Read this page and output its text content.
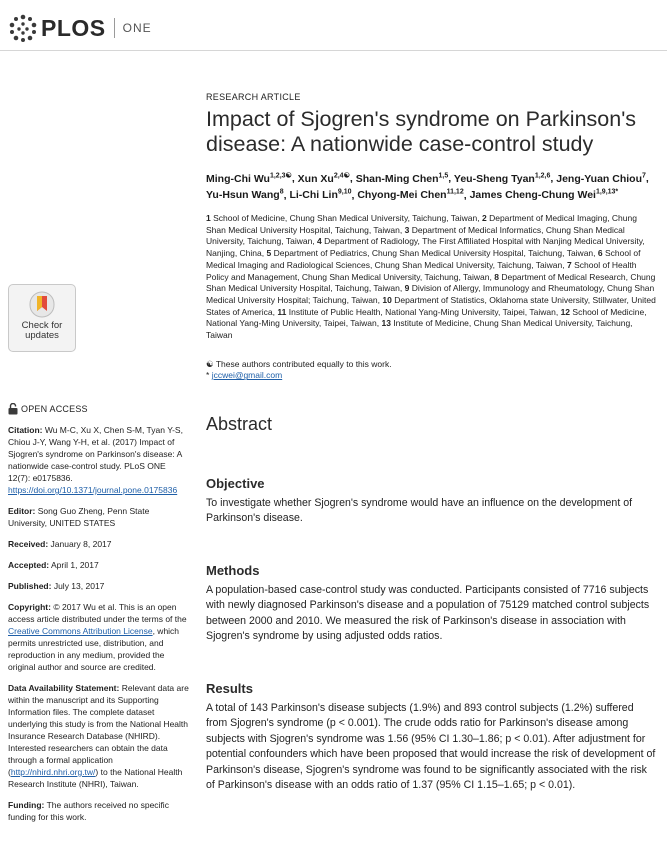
PLOS ONE
Check for updates
OPEN ACCESS
Citation: Wu M-C, Xu X, Chen S-M, Tyan Y-S, Chiou J-Y, Wang Y-H, et al. (2017) Impact of Sjogren's syndrome on Parkinson's disease: A nationwide case-control study. PLoS ONE 12(7): e0175836. https://doi.org/10.1371/journal.pone.0175836
Editor: Song Guo Zheng, Penn State University, UNITED STATES
Received: January 8, 2017
Accepted: April 1, 2017
Published: July 13, 2017
Copyright: © 2017 Wu et al. This is an open access article distributed under the terms of the Creative Commons Attribution License, which permits unrestricted use, distribution, and reproduction in any medium, provided the original author and source are credited.
Data Availability Statement: Relevant data are within the manuscript and its Supporting Information files. The complete dataset underlying this study is from the National Health Insurance Research Database (NHIRD). Interested researchers can obtain the data through a formal application (http://nhird.nhri.org.tw/) to the National Health Research Institute (NHRI), Taiwan.
Funding: The authors received no specific funding for this work.
RESEARCH ARTICLE
Impact of Sjogren's syndrome on Parkinson's disease: A nationwide case-control study
Ming-Chi $Wu^{1,2,3☯}$, Xun $Xu^{2,4☯}$, Shan-Ming Chen$^{1,5}$, Yeu-Sheng Tyan$^{1,2,6}$, Jeng-Yuan Chiou$^7$, Yu-Hsun Wang$^8$, Li-Chi Lin$^{9,10}$, Chyong-Mei Chen$^{11,12}$, James Cheng-Chung Wei$^{1,9,13*}$
1 School of Medicine, Chung Shan Medical University, Taichung, Taiwan, 2 Department of Medical Imaging, Chung Shan Medical University Hospital, Taichung, Taiwan, 3 Department of Medical Informatics, Chung Shan Medical University, Taichung, Taiwan, 4 Department of Radiology, The First Affiliated Hospital with Nanjing Medical University, Nanjing, China, 5 Department of Pediatrics, Chung Shan Medical University Hospital, Taichung, Taiwan, 6 School of Medical Imaging and Radiological Sciences, Chung Shan Medical University, Taichung, Taiwan, 7 School of Health Policy and Management, Chung Shan Medical University, Taichung, Taiwan, 8 Department of Medical Research, Chung Shan Medical University Hospital, Taichung, Taiwan, 9 Division of Allergy, Immunology and Rheumatology, Chung Shan Medical University Hospital; Taichung, Taiwan, 10 Department of Statistics, Oklahoma state University, Stillwater, United States of America, 11 Institute of Public Health, National Yang-Ming University, Taipei, Taiwan, 12 School of Medicine, National Yang-Ming University, Taipei, Taiwan, 13 Institute of Medicine, Chung Shan Medical University, Taichung, Taiwan
☯ These authors contributed equally to this work.
* jccwei@gmail.com
Abstract
Objective
To investigate whether Sjogren's syndrome would have an influence on the development of Parkinson's disease.
Methods
A population-based case-control study was conducted. Participants consisted of 7716 subjects with newly diagnosed Parkinson's disease and a population of 75129 matched control subjects between 2000 and 2010. We measured the risk of Parkinson's disease in association with Sjogren's syndrome by using adjusted odds ratios.
Results
A total of 143 Parkinson's disease subjects (1.9%) and 893 control subjects (1.2%) suffered from Sjogren's syndrome (p < 0.001). The crude odds ratio for Parkinson's disease among subjects with Sjogren's syndrome was 1.56 (95% CI 1.30–1.86; p < 0.01). After adjustment for potential confounders which have been proposed that would increase the risk of development of Parkinson's disease, Sjogren's syndrome was found to be significantly associated with the risk of Parkinson's disease with an odds ratio of 1.37 (95% CI 1.15–1.65; p < 0.01).
